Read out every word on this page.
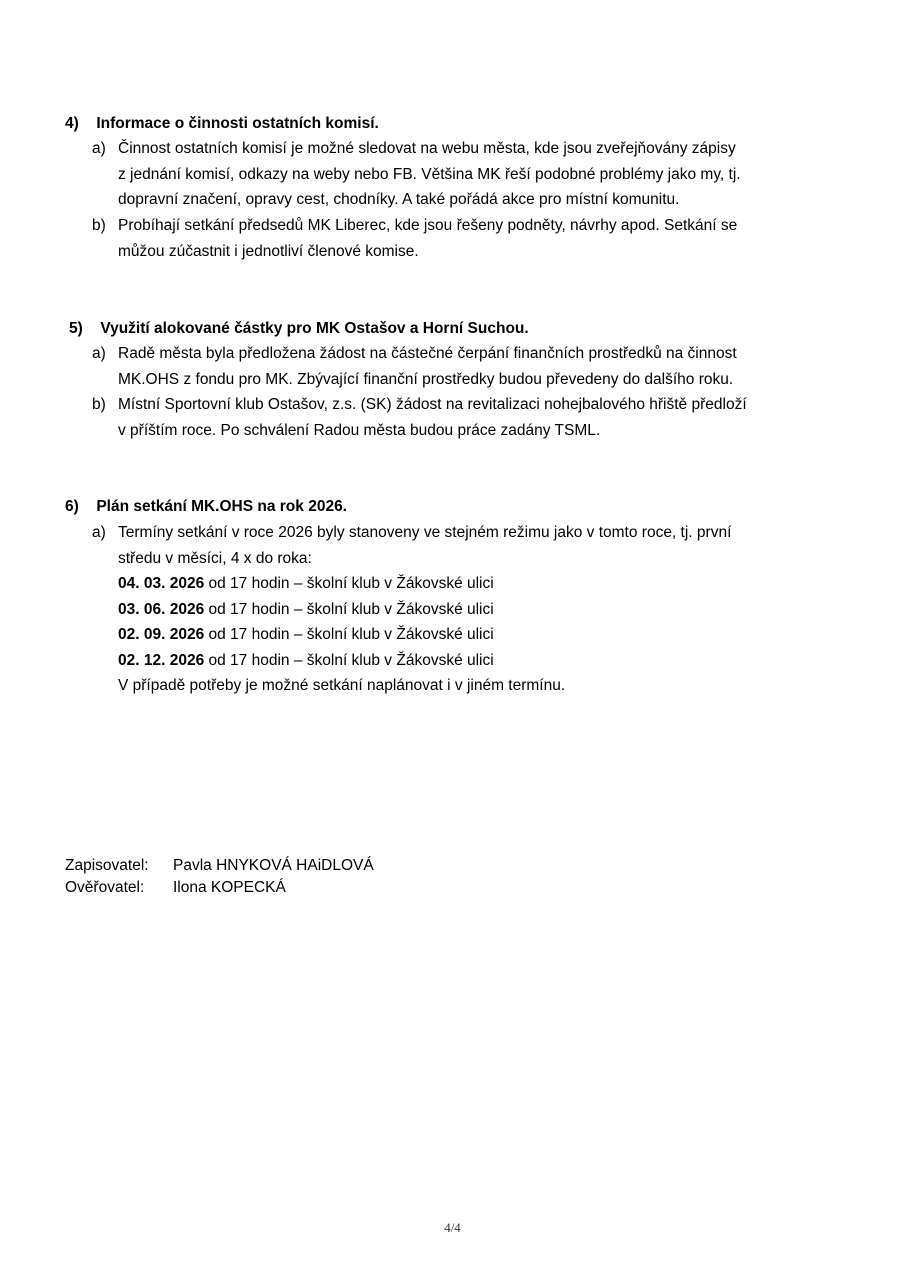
4) Informace o činnosti ostatních komisí.
a) Činnost ostatních komisí je možné sledovat na webu města, kde jsou zveřejňovány zápisy
z jednání komisí, odkazy na weby nebo FB. Většina MK řeší podobné problémy jako my, tj.
dopravní značení, opravy cest, chodníky. A také pořádá akce pro místní komunitu.
b) Probíhají setkání předsedů MK Liberec, kde jsou řešeny podněty, návrhy apod. Setkání se
můžou zúčastnit i jednotliví členové komise.
5) Využití alokované částky pro MK Ostašov a Horní Suchou.
a) Radě města byla předložena žádost na částečné čerpání finančních prostředků na činnost
MK.OHS z fondu pro MK. Zbývající finanční prostředky budou převedeny do dalšího roku.
b) Místní Sportovní klub Ostašov, z.s. (SK) žádost na revitalizaci nohejbalového hřiště předloží
v příštím roce. Po schválení Radou města budou práce zadány TSML.
6) Plán setkání MK.OHS na rok 2026.
a) Termíny setkání v roce 2026 byly stanoveny ve stejném režimu jako v tomto roce, tj. první
středu v měsíci, 4 x do roka:
04. 03. 2026 od 17 hodin – školní klub v Žákovské ulici
03. 06. 2026 od 17 hodin – školní klub v Žákovské ulici
02. 09. 2026 od 17 hodin – školní klub v Žákovské ulici
02. 12. 2026 od 17 hodin – školní klub v Žákovské ulici
V případě potřeby je možné setkání naplánovat i v jiném termínu.
Zapisovatel: Pavla HNYKOVÁ HAiDLOVÁ
Ověřovatel: Ilona KOPECKÁ
4/4
